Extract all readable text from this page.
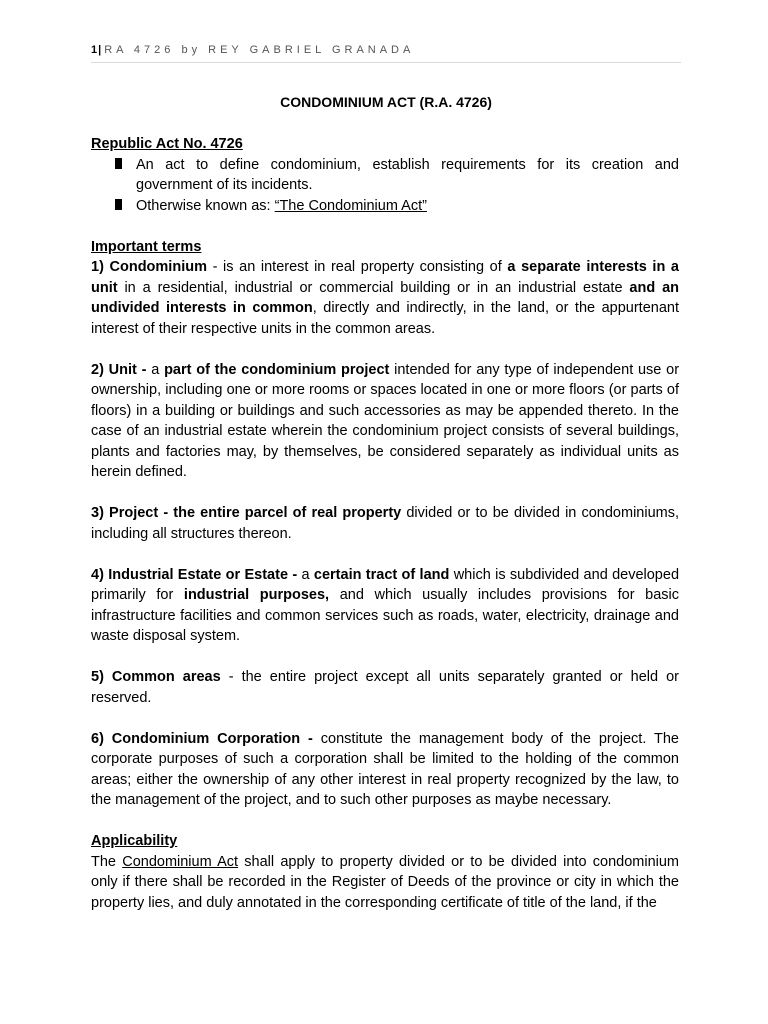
1|RA 4726 by REY GABRIEL GRANADA
CONDOMINIUM ACT (R.A. 4726)

Republic Act No. 4726

An act to define condominium, establish requirements for its creation and government of its incidents.
Otherwise known as: “The Condominium Act”

Important terms

1) Condominium - is an interest in real property consisting of a separate interests in a unit in a residential, industrial or commercial building or in an industrial estate and an undivided interests in common, directly and indirectly, in the land, or the appurtenant interest of their respective units in the common areas.

2) Unit - a part of the condominium project intended for any type of independent use or ownership, including one or more rooms or spaces located in one or more floors (or parts of floors) in a building or buildings and such accessories as may be appended thereto. In the case of an industrial estate wherein the condominium project consists of several buildings, plants and factories may, by themselves, be considered separately as individual units as herein defined.

3) Project - the entire parcel of real property divided or to be divided in condominiums, including all structures thereon.

4) Industrial Estate or Estate - a certain tract of land which is subdivided and developed primarily for industrial purposes, and which usually includes provisions for basic infrastructure facilities and common services such as roads, water, electricity, drainage and waste disposal system.

5) Common areas - the entire project except all units separately granted or held or reserved.

6) Condominium Corporation - constitute the management body of the project. The corporate purposes of such a corporation shall be limited to the holding of the common areas; either the ownership of any other interest in real property recognized by the law, to the management of the project, and to such other purposes as maybe necessary.

Applicability

The Condominium Act shall apply to property divided or to be divided into condominium only if there shall be recorded in the Register of Deeds of the province or city in which the property lies, and duly annotated in the corresponding certificate of title of the land, if the
